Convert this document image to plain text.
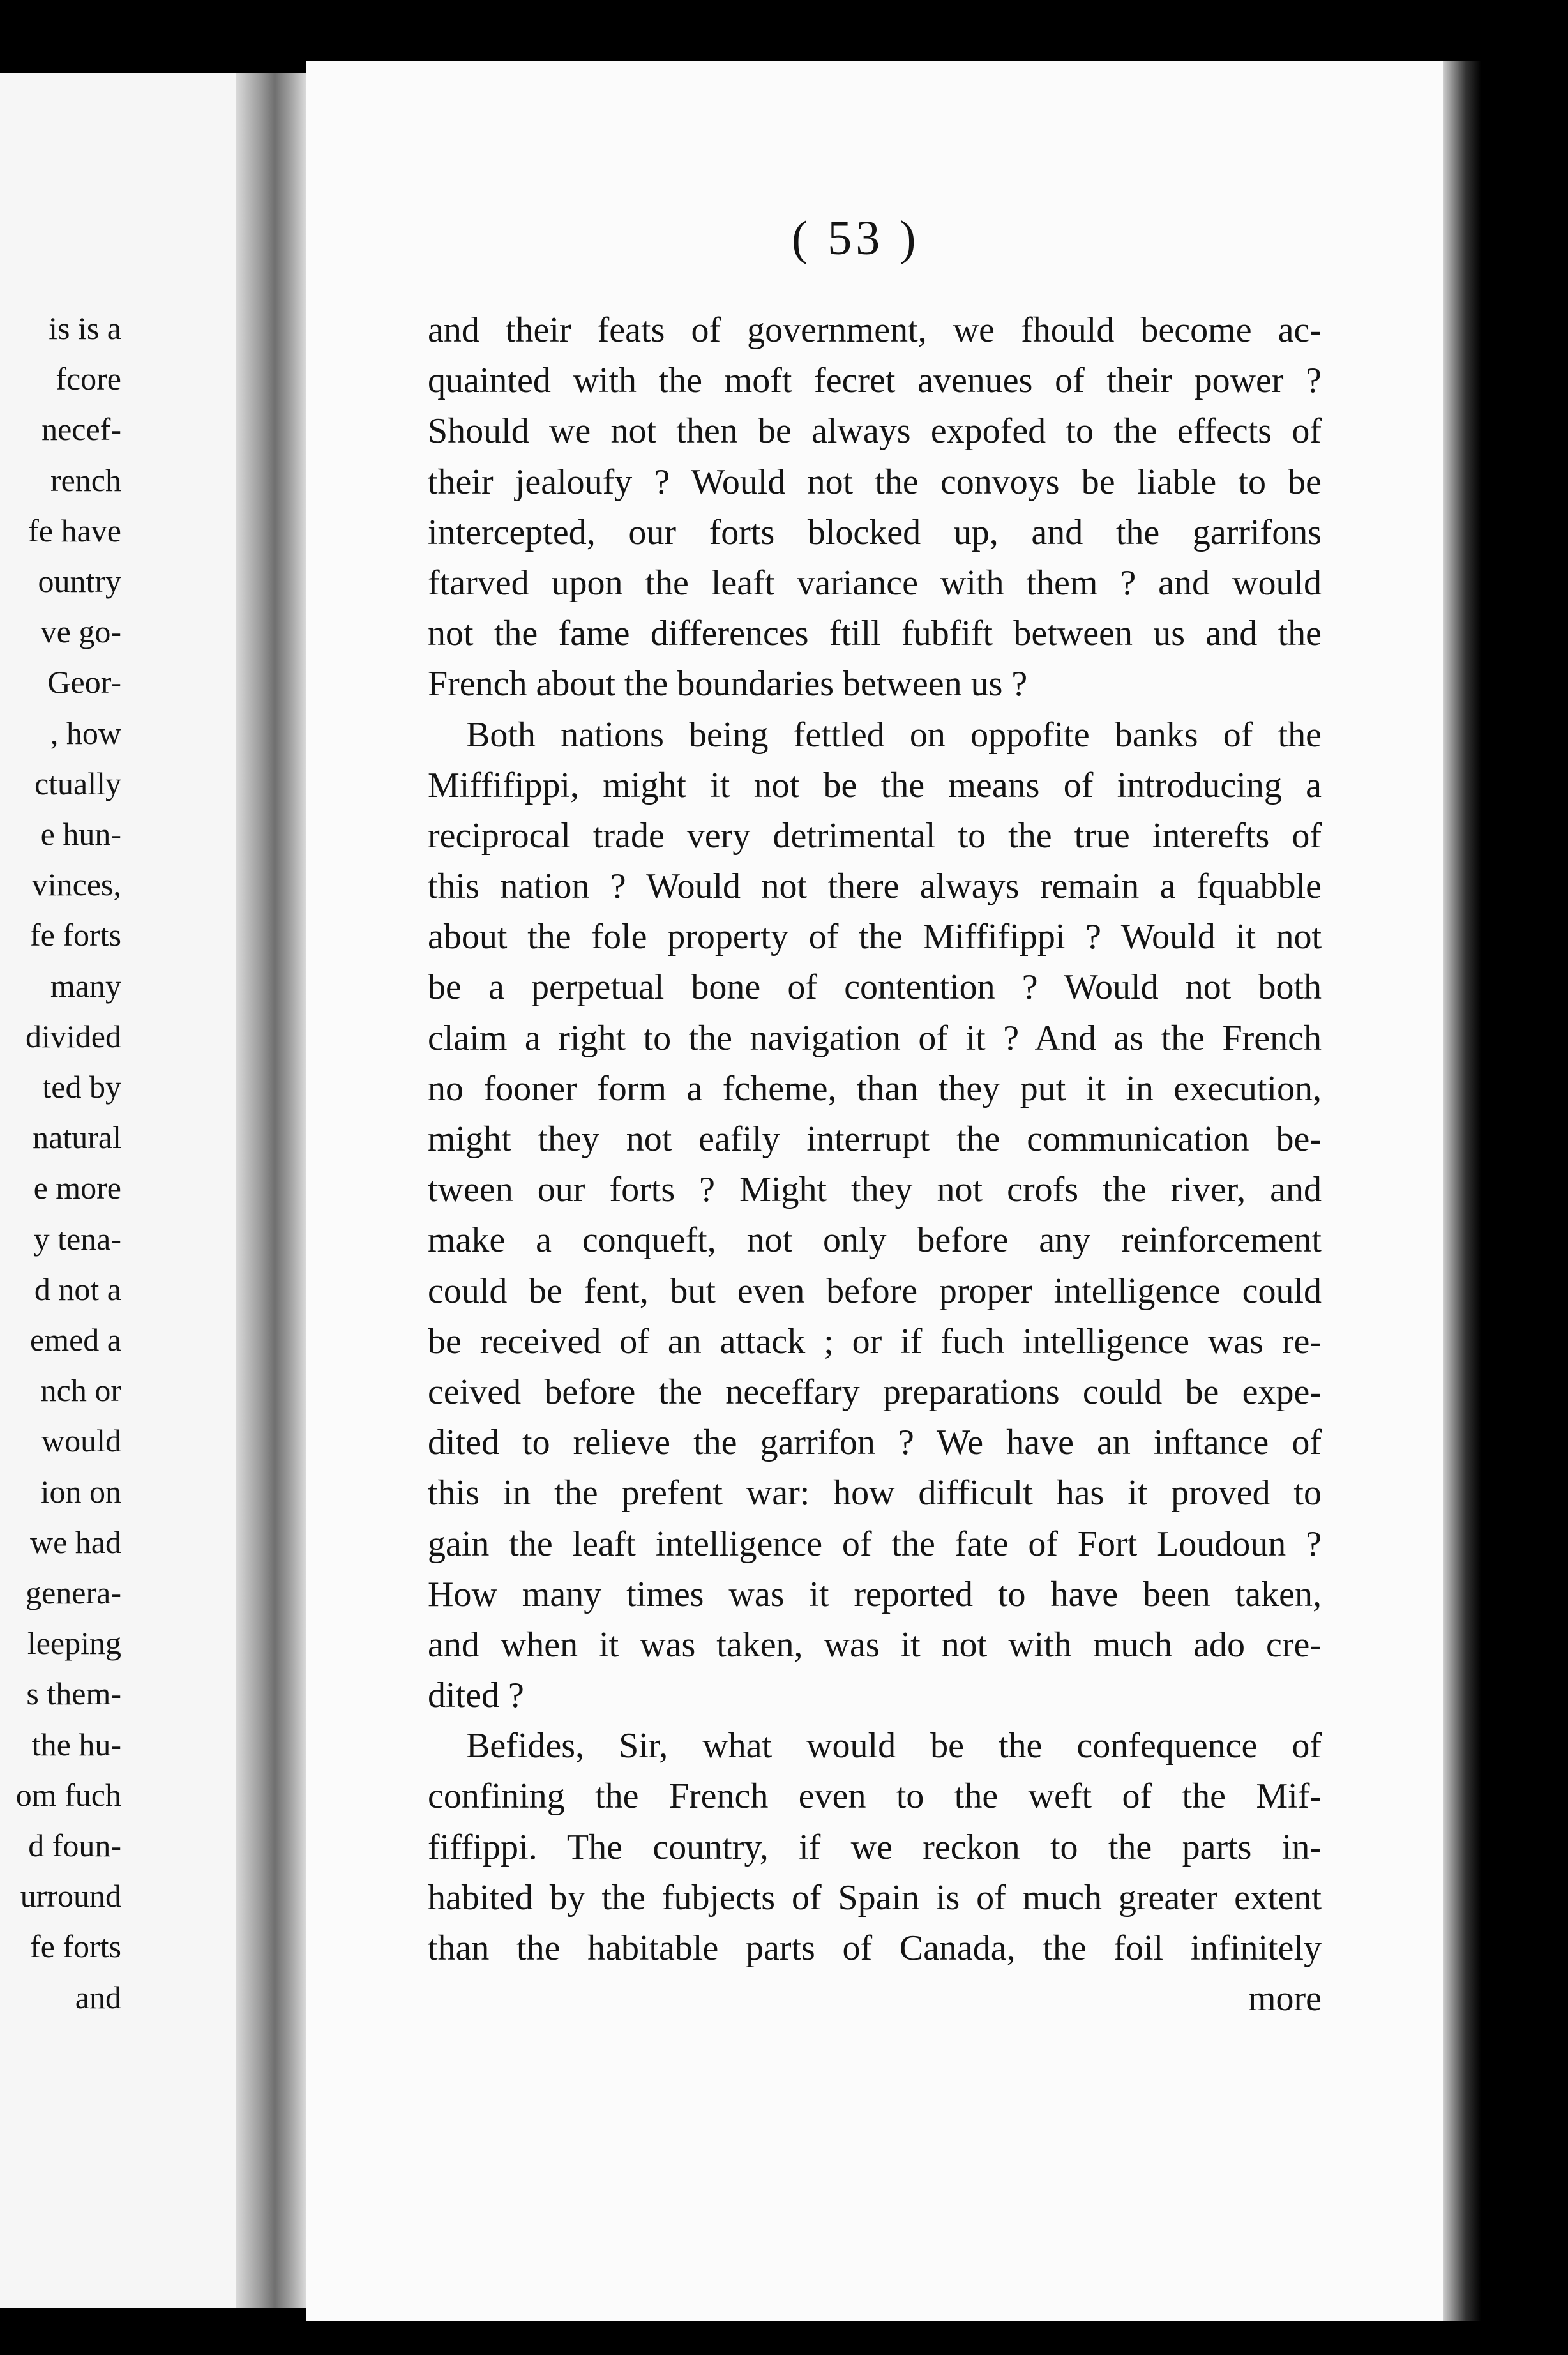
is is a
fcore
necef-
rench
fe have
ountry
ve go-
Geor-
, how
ctually
e hun-
vinces,
fe forts
many
divided
ted by
natural
e more
y tena-
d not a
emed a
nch or
would
ion on
we had
genera-
leeping
s them-
the hu-
om fuch
d foun-
urround
fe forts
and
( 53 )
and their feats of government, we fhould become ac-
quainted with the moft fecret avenues of their power ?
Should we not then be always expofed to the effects of
their jealoufy ? Would not the convoys be liable to be
intercepted, our forts blocked up, and the garrifons
ftarved upon the leaft variance with them ? and would
not the fame differences ftill fubfift between us and the
French about the boundaries between us ?
Both nations being fettled on oppofite banks of the
Miffifippi, might it not be the means of introducing a
reciprocal trade very detrimental to the true interefts of
this nation ? Would not there always remain a fquabble
about the fole property of the Miffifippi ? Would it not
be a perpetual bone of contention ? Would not both
claim a right to the navigation of it ? And as the French
no fooner form a fcheme, than they put it in execution,
might they not eafily interrupt the communication be-
tween our forts ? Might they not crofs the river, and
make a conqueft, not only before any reinforcement
could be fent, but even before proper intelligence could
be received of an attack ; or if fuch intelligence was re-
ceived before the neceffary preparations could be expe-
dited to relieve the garrifon ? We have an inftance of
this in the prefent war: how difficult has it proved to
gain the leaft intelligence of the fate of Fort Loudoun ?
How many times was it reported to have been taken,
and when it was taken, was it not with much ado cre-
dited ?
Befides, Sir, what would be the confequence of
confining the French even to the weft of the Mif-
fiffippi. The country, if we reckon to the parts in-
habited by the fubjects of Spain is of much greater extent
than the habitable parts of Canada, the foil infinitely
more
